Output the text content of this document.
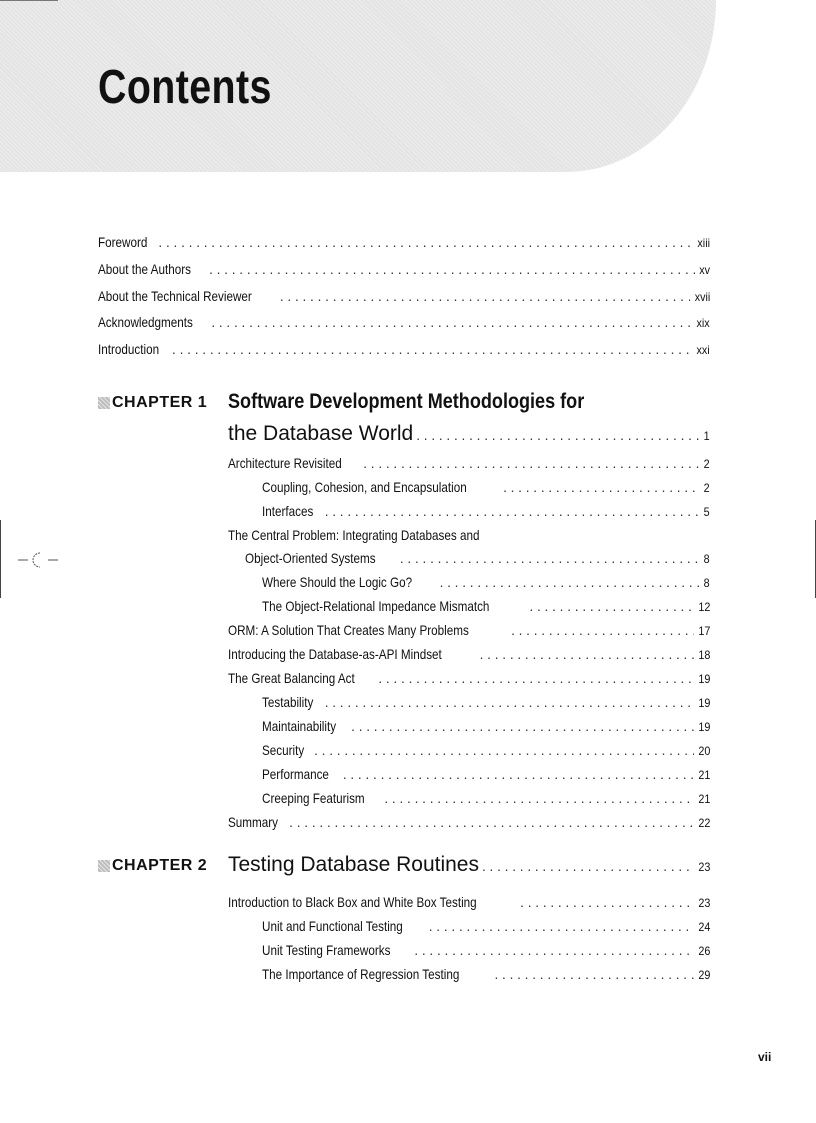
Contents
Foreword . . .	xiii
About the Authors . . .	xv
About the Technical Reviewer . . .	xvii
Acknowledgments . . .	xix
Introduction . . .	xxi
CHAPTER 1 Software Development Methodologies for
the Database World . . .	1
Architecture Revisited . . .	2
Coupling, Cohesion, and Encapsulation . . .	2
Interfaces . . .	5
The Central Problem: Integrating Databases and
Object-Oriented Systems . . .	8
Where Should the Logic Go? . . .	8
The Object-Relational Impedance Mismatch . . .	12
ORM: A Solution That Creates Many Problems . . .	17
Introducing the Database-as-API Mindset . . .	18
The Great Balancing Act . . .	19
Testability . . .	19
Maintainability . . .	19
Security . . .	20
Performance . . .	21
Creeping Featurism . . .	21
Summary . . .	22
CHAPTER 2 Testing Database Routines . . .	23
Introduction to Black Box and White Box Testing . . .	23
Unit and Functional Testing . . .	24
Unit Testing Frameworks . . .	26
The Importance of Regression Testing . . .	29
vii
